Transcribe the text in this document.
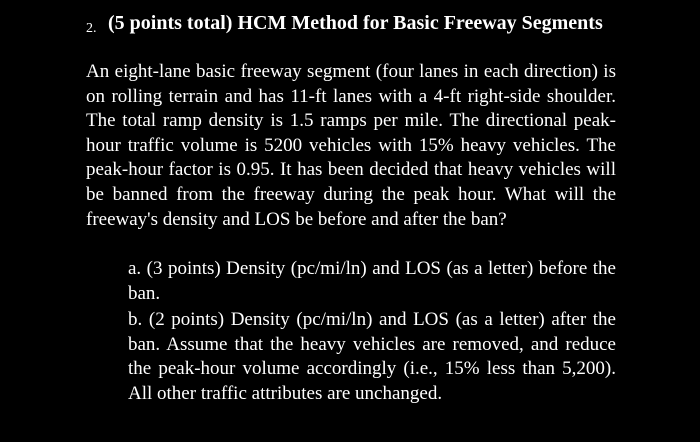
2. (5 points total) HCM Method for Basic Freeway Segments
An eight-lane basic freeway segment (four lanes in each direction) is on rolling terrain and has 11-ft lanes with a 4-ft right-side shoulder. The total ramp density is 1.5 ramps per mile. The directional peak-hour traffic volume is 5200 vehicles with 15% heavy vehicles. The peak-hour factor is 0.95. It has been decided that heavy vehicles will be banned from the freeway during the peak hour. What will the freeway's density and LOS be before and after the ban?

a. (3 points) Density (pc/mi/ln) and LOS (as a letter) before the ban.

b. (2 points) Density (pc/mi/ln) and LOS (as a letter) after the ban. Assume that the heavy vehicles are removed, and reduce the peak-hour volume accordingly (i.e., 15% less than 5,200). All other traffic attributes are unchanged.
